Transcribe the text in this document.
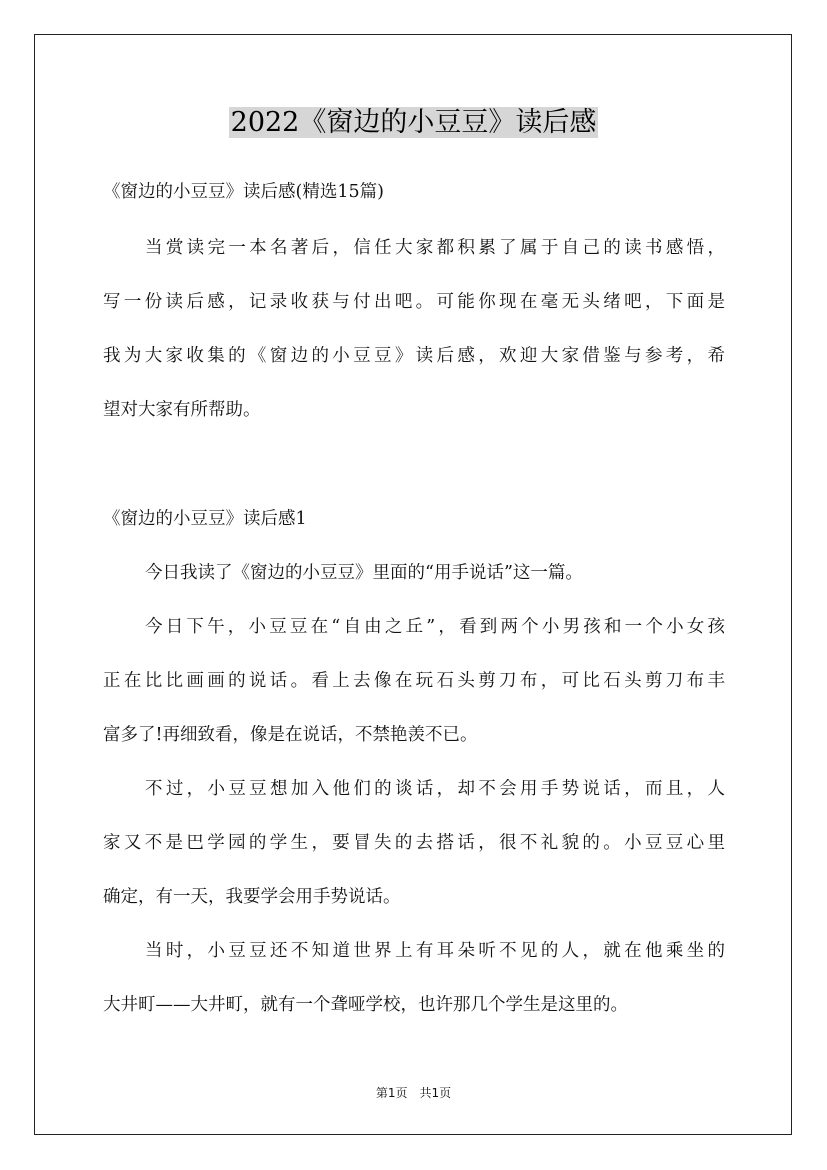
2022《窗边的小豆豆》读后感
《窗边的小豆豆》读后感(精选15篇)
当赏读完一本名著后，信任大家都积累了属于自己的读书感悟，
写一份读后感，记录收获与付出吧。可能你现在毫无头绪吧，下面是
我为大家收集的《窗边的小豆豆》读后感，欢迎大家借鉴与参考，希
望对大家有所帮助。
《窗边的小豆豆》读后感1
今日我读了《窗边的小豆豆》里面的“用手说话”这一篇。
今日下午，小豆豆在“自由之丘”，看到两个小男孩和一个小女孩
正在比比画画的说话。看上去像在玩石头剪刀布，可比石头剪刀布丰
富多了!再细致看，像是在说话，不禁艳羡不已。
不过，小豆豆想加入他们的谈话，却不会用手势说话，而且，人
家又不是巴学园的学生，要冒失的去搭话，很不礼貌的。小豆豆心里
确定，有一天，我要学会用手势说话。
当时，小豆豆还不知道世界上有耳朵听不见的人，就在他乘坐的
大井町——大井町，就有一个聋哑学校，也许那几个学生是这里的。
第1页　共1页
